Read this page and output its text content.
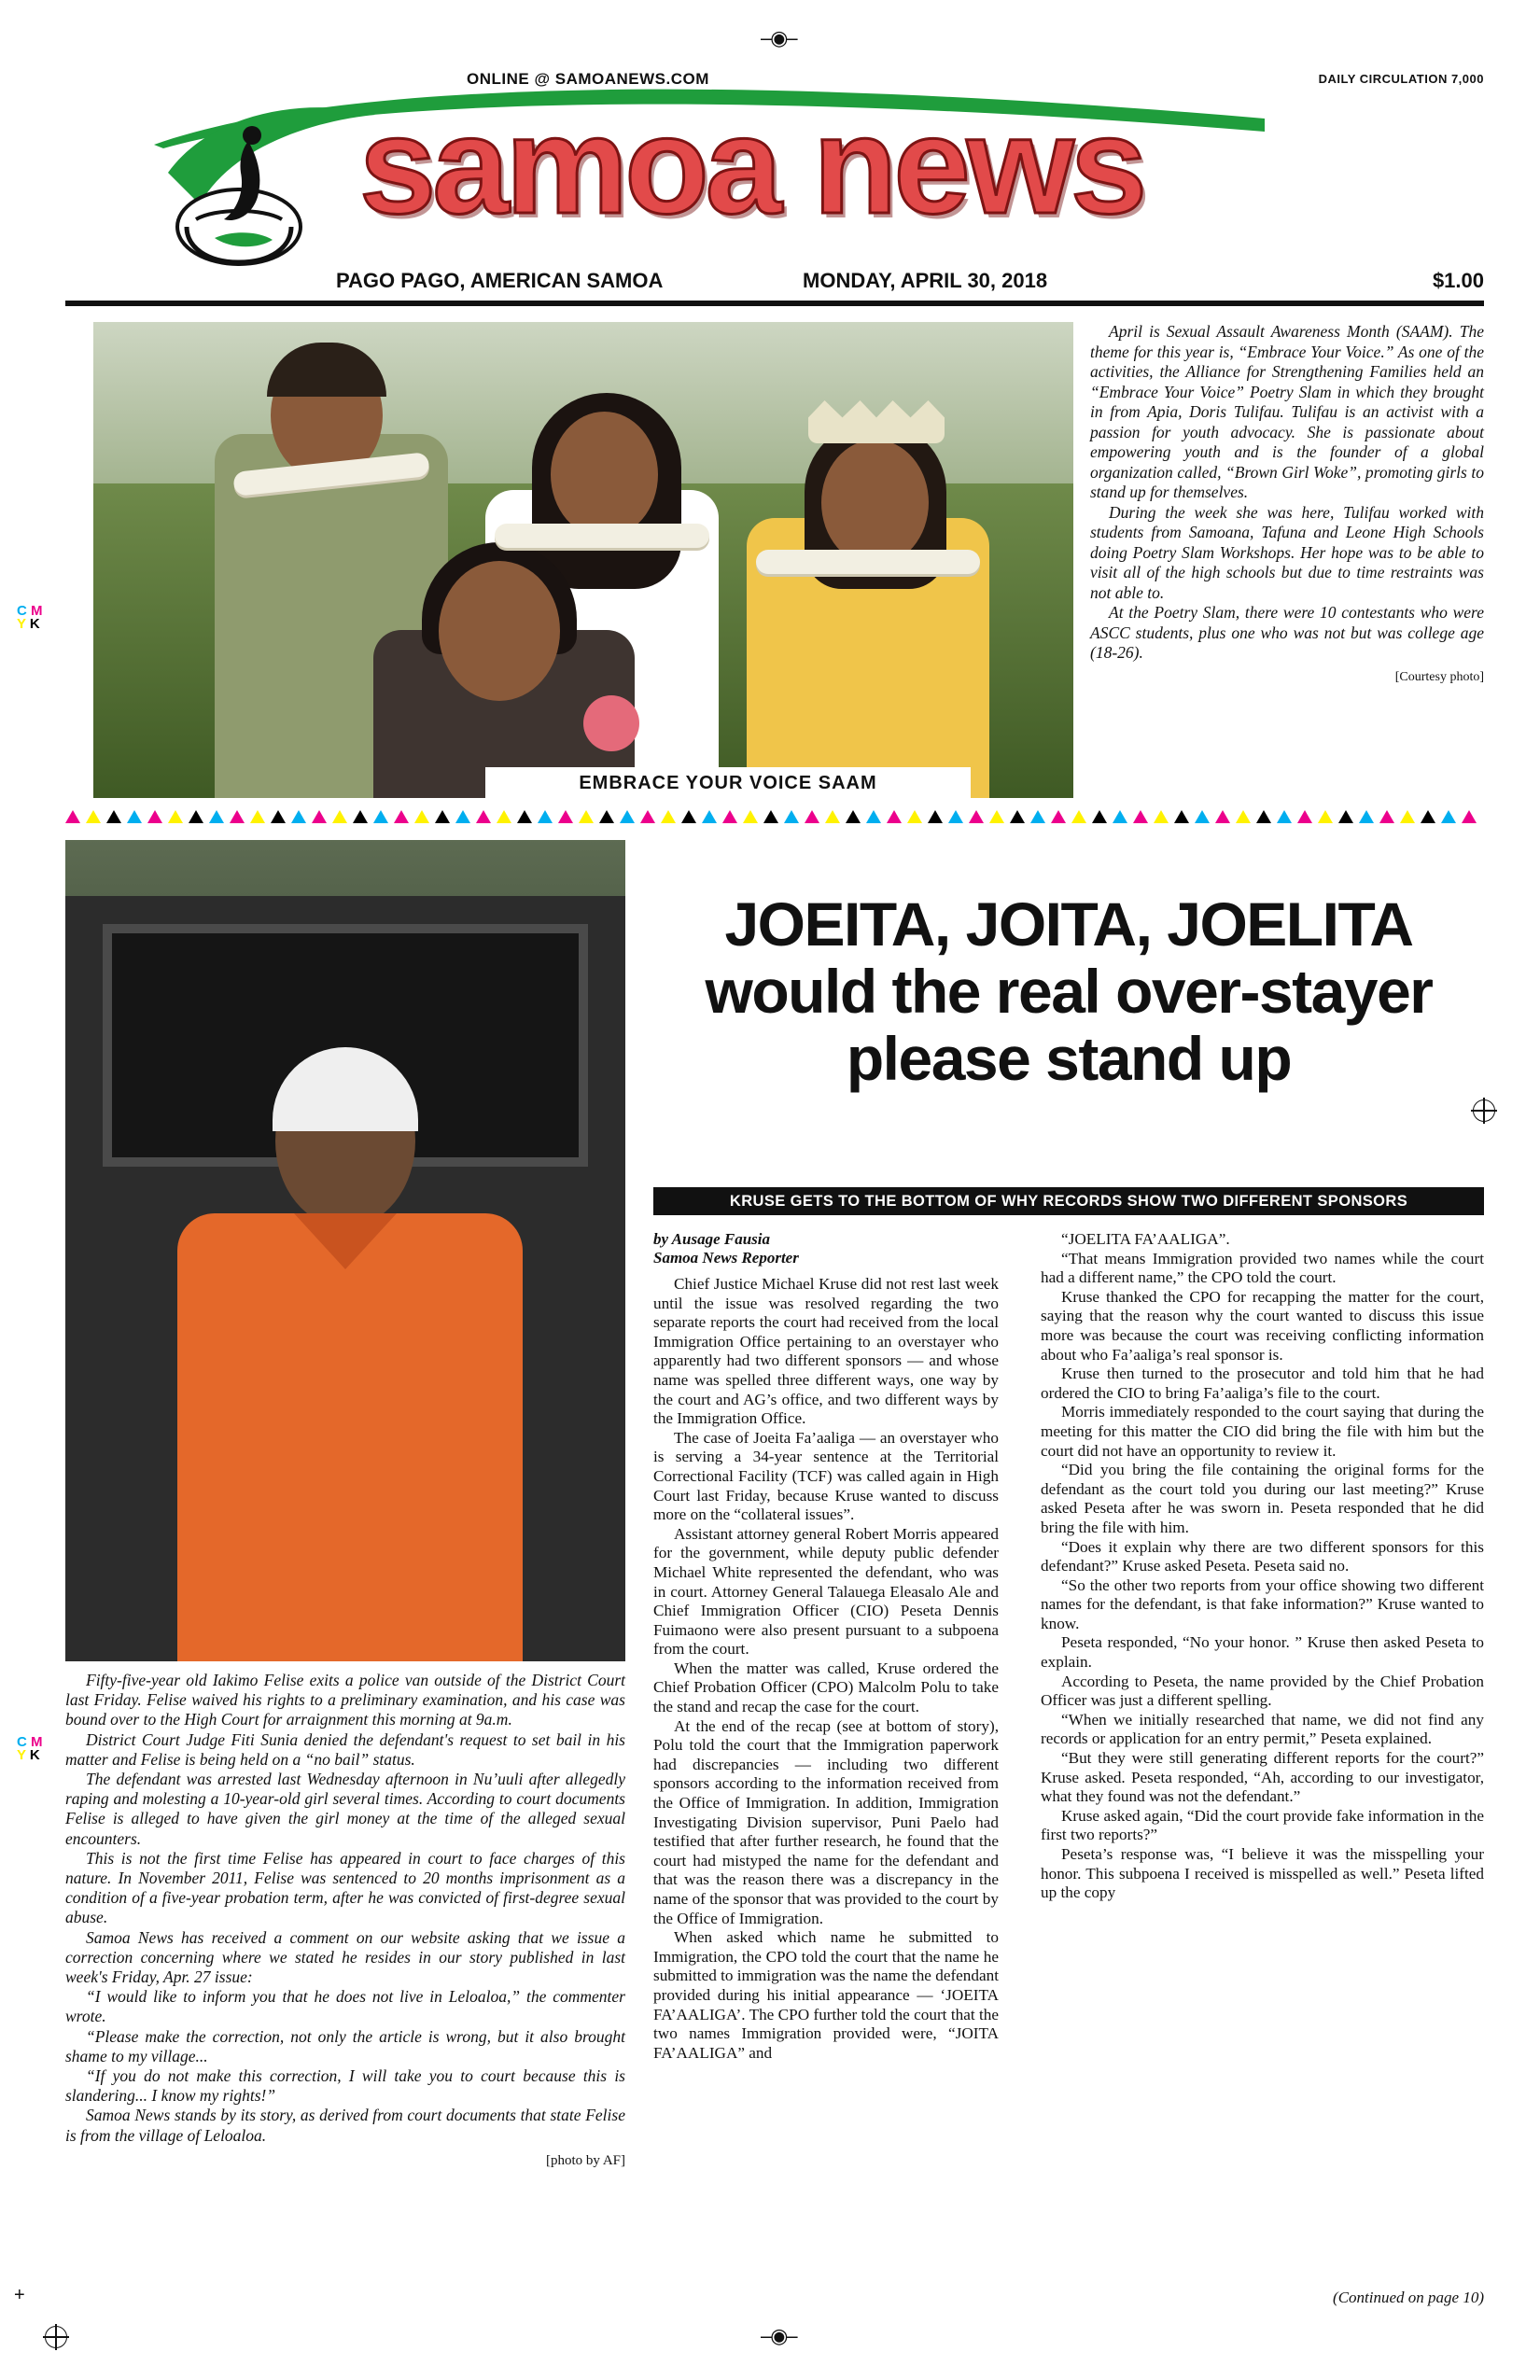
–◉–
–◉–
+
C M
Y K
C M
Y K
ONLINE @ SAMOANEWS.COM	DAILY CIRCULATION 7,000
samoa news
PAGO PAGO, AMERICAN SAMOA	MONDAY, APRIL 30, 2018	$1.00
EMBRACE YOUR VOICE SAAM

April is Sexual Assault Awareness Month (SAAM). The theme for this year is, “Embrace Your Voice.” As one of the activities, the Alliance for Strengthening Families held an “Embrace Your Voice” Poetry Slam in which they brought in from Apia, Doris Tulifau. Tulifau is an activist with a passion for youth advocacy. She is passionate about empowering youth and is the founder of a global organization called, “Brown Girl Woke”, promoting girls to stand up for themselves.

During the week she was here, Tulifau worked with students from Samoana, Tafuna and Leone High Schools doing Poetry Slam Workshops. Her hope was to be able to visit all of the high schools but due to time restraints was not able to.

At the Poetry Slam, there were 10 contestants who were ASCC students, plus one who was not but was college age (18-26).

[Courtesy photo]

Fifty-five-year old Iakimo Felise exits a police van outside of the District Court last Friday. Felise waived his rights to a preliminary examination, and his case was bound over to the High Court for arraignment this morning at 9a.m.

District Court Judge Fiti Sunia denied the defendant's request to set bail in his matter and Felise is being held on a “no bail” status.

The defendant was arrested last Wednesday afternoon in Nu’uuli after allegedly raping and molesting a 10-year-old girl several times. According to court documents Felise is alleged to have given the girl money at the time of the alleged sexual encounters.

This is not the first time Felise has appeared in court to face charges of this nature. In November 2011, Felise was sentenced to 20 months imprisonment as a condition of a five-year probation term, after he was convicted of first-degree sexual abuse.

Samoa News has received a comment on our website asking that we issue a correction concerning where we stated he resides in our story published in last week's Friday, Apr. 27 issue:

“I would like to inform you that he does not live in Leloaloa,” the commenter wrote.

“Please make the correction, not only the article is wrong, but it also brought shame to my village...

“If you do not make this correction, I will take you to court because this is slandering... I know my rights!”

Samoa News stands by its story, as derived from court documents that state Felise is from the village of Leloaloa.

[photo by AF]
JOEITA, JOITA, JOELITA would the real over-stayer please stand up
KRUSE GETS TO THE BOTTOM OF WHY RECORDS SHOW TWO DIFFERENT SPONSORS
by Ausage Fausia
Samoa News Reporter

Chief Justice Michael Kruse did not rest last week until the issue was resolved regarding the two separate reports the court had received from the local Immigration Office pertaining to an overstayer who apparently had two different sponsors — and whose name was spelled three different ways, one way by the court and AG’s office, and two different ways by the Immigration Office.

The case of Joeita Fa’aaliga — an overstayer who is serving a 34-year sentence at the Territorial Correctional Facility (TCF) was called again in High Court last Friday, because Kruse wanted to discuss more on the “collateral issues”.

Assistant attorney general Robert Morris appeared for the government, while deputy public defender Michael White represented the defendant, who was in court. Attorney General Talauega Eleasalo Ale and Chief Immigration Officer (CIO) Peseta Dennis Fuimaono were also present pursuant to a subpoena from the court.

When the matter was called, Kruse ordered the Chief Probation Officer (CPO) Malcolm Polu to take the stand and recap the case for the court.

At the end of the recap (see at bottom of story), Polu told the court that the Immigration paperwork had discrepancies — including two different sponsors according to the information received from the Office of Immigration. In addition, Immigration Investigating Division supervisor, Puni Paelo had testified that after further research, he found that the court had mistyped the name for the defendant and that was the reason there was a discrepancy in the name of the sponsor that was provided to the court by the Office of Immigration.

When asked which name he submitted to Immigration, the CPO told the court that the name he submitted to immigration was the name the defendant provided during his initial appearance — ‘JOEITA FA’AALIGA’. The CPO further told the court that the two names Immigration provided were, “JOITA FA’AALIGA” and

“JOELITA FA’AALIGA”.

“That means Immigration provided two names while the court had a different name,” the CPO told the court.

Kruse thanked the CPO for recapping the matter for the court, saying that the reason why the court wanted to discuss this issue more was because the court was receiving conflicting information about who Fa’aaliga’s real sponsor is.

Kruse then turned to the prosecutor and told him that he had ordered the CIO to bring Fa’aaliga’s file to the court.

Morris immediately responded to the court saying that during the meeting for this matter the CIO did bring the file with him but the court did not have an opportunity to review it.

“Did you bring the file containing the original forms for the defendant as the court told you during our last meeting?” Kruse asked Peseta after he was sworn in. Peseta responded that he did bring the file with him.

“Does it explain why there are two different sponsors for this defendant?” Kruse asked Peseta. Peseta said no.

“So the other two reports from your office showing two different names for the defendant, is that fake information?” Kruse wanted to know.

Peseta responded, “No your honor. ” Kruse then asked Peseta to explain.

According to Peseta, the name provided by the Chief Probation Officer was just a different spelling.

“When we initially researched that name, we did not find any records or application for an entry permit,” Peseta explained.

“But they were still generating different reports for the court?” Kruse asked. Peseta responded, “Ah, according to our investigator, what they found was not the defendant.”

Kruse asked again, “Did the court provide fake information in the first two reports?”

Peseta’s response was, “I believe it was the misspelling your honor. This subpoena I received is misspelled as well.” Peseta lifted up the copy

(Continued on page 10)
